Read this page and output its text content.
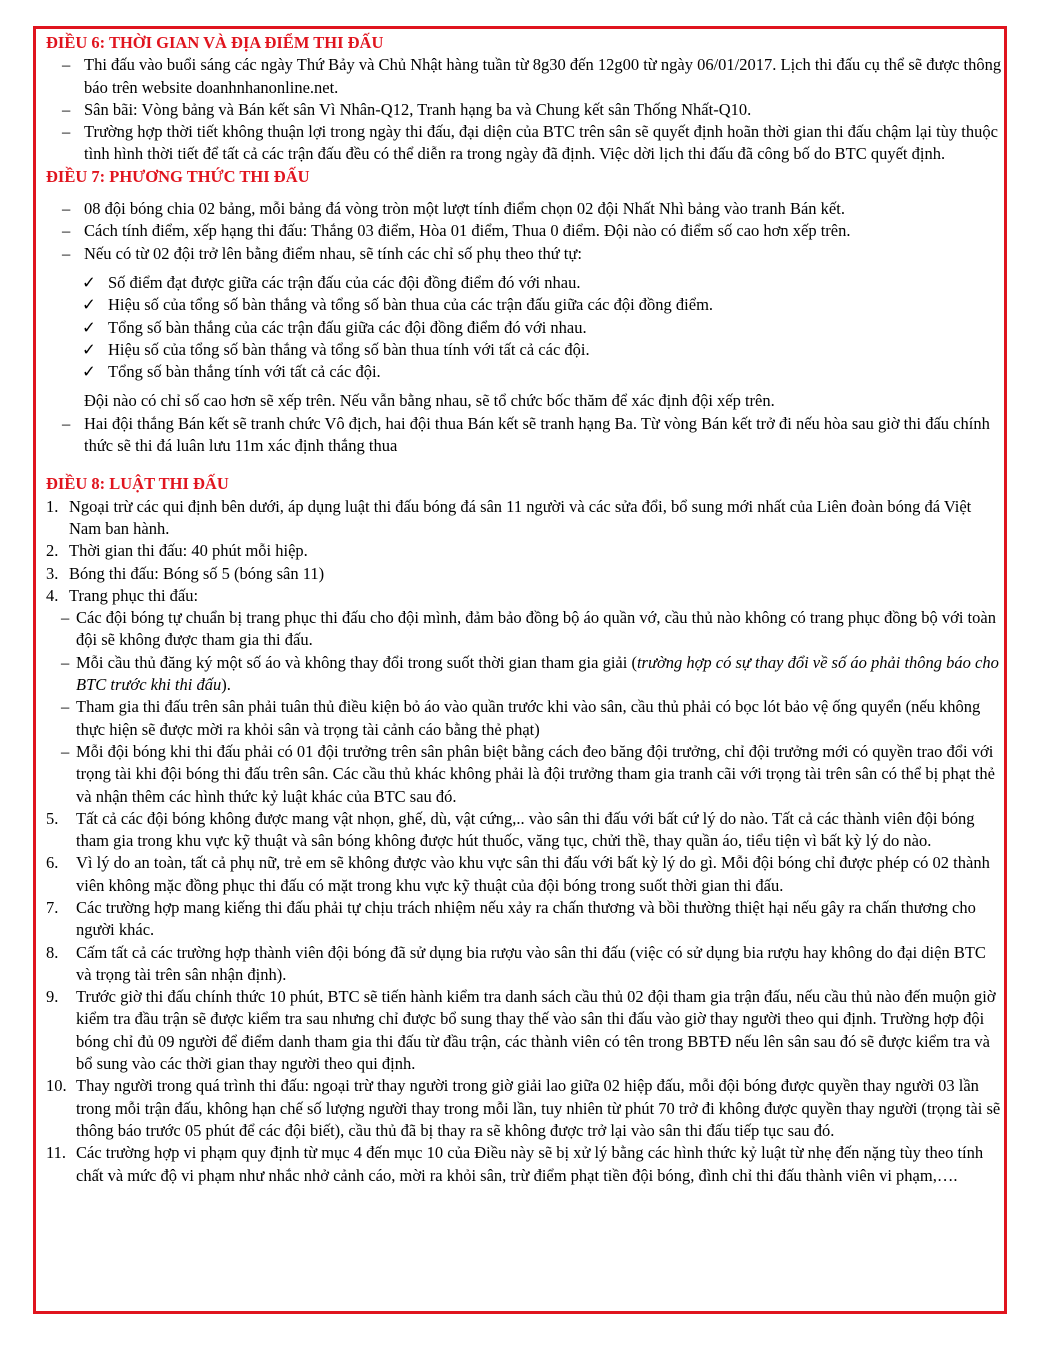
ĐIỀU 6: THỜI GIAN VÀ ĐỊA ĐIỂM THI ĐẤU

– Thi đấu vào buổi sáng các ngày Thứ Bảy và Chủ Nhật hàng tuần từ 8g30 đến 12g00 từ ngày 06/01/2017. Lịch thi đấu cụ thể sẽ được thông báo trên website doanhnhanonline.net.

– Sân bãi: Vòng bảng và Bán kết sân Vì Nhân-Q12, Tranh hạng ba và Chung kết sân Thống Nhất-Q10.

– Trường hợp thời tiết không thuận lợi trong ngày thi đấu, đại diện của BTC trên sân sẽ quyết định hoãn thời gian thi đấu chậm lại tùy thuộc tình hình thời tiết để tất cả các trận đấu đều có thể diễn ra trong ngày đã định. Việc dời lịch thi đấu đã công bố do BTC quyết định.

ĐIỀU 7: PHƯƠNG THỨC THI ĐẤU

– 08 đội bóng chia 02 bảng, mỗi bảng đá vòng tròn một lượt tính điểm chọn 02 đội Nhất Nhì bảng vào tranh Bán kết.

– Cách tính điểm, xếp hạng thi đấu: Thắng 03 điểm, Hòa 01 điểm, Thua 0 điểm. Đội nào có điểm số cao hơn xếp trên.

– Nếu có từ 02 đội trở lên bằng điểm nhau, sẽ tính các chỉ số phụ theo thứ tự:

✓ Số điểm đạt được giữa các trận đấu của các đội đồng điểm đó với nhau.

✓ Hiệu số của tổng số bàn thắng và tổng số bàn thua của các trận đấu giữa các đội đồng điểm.

✓ Tổng số bàn thắng của các trận đấu giữa các đội đồng điểm đó với nhau.

✓ Hiệu số của tổng số bàn thắng và tổng số bàn thua tính với tất cả các đội.

✓ Tổng số bàn thắng tính với tất cả các đội.

Đội nào có chỉ số cao hơn sẽ xếp trên. Nếu vẫn bằng nhau, sẽ tổ chức bốc thăm để xác định đội xếp trên.

– Hai đội thắng Bán kết sẽ tranh chức Vô địch, hai đội thua Bán kết sẽ tranh hạng Ba. Từ vòng Bán kết trở đi nếu hòa sau giờ thi đấu chính thức sẽ thi đá luân lưu 11m xác định thắng thua

ĐIỀU 8: LUẬT THI ĐẤU

1. Ngoại trừ các qui định bên dưới, áp dụng luật thi đấu bóng đá sân 11 người và các sửa đổi, bổ sung mới nhất của Liên đoàn bóng đá Việt Nam ban hành.

2. Thời gian thi đấu: 40 phút mỗi hiệp.

3. Bóng thi đấu: Bóng số 5 (bóng sân 11)

4. Trang phục thi đấu:

– Các đội bóng tự chuẩn bị trang phục thi đấu cho đội mình, đảm bảo đồng bộ áo quần vớ, cầu thủ nào không có trang phục đồng bộ với toàn đội sẽ không được tham gia thi đấu.

– Mỗi cầu thủ đăng ký một số áo và không thay đổi trong suốt thời gian tham gia giải (trường hợp có sự thay đổi về số áo phải thông báo cho BTC trước khi thi đấu).

– Tham gia thi đấu trên sân phải tuân thủ điều kiện bỏ áo vào quần trước khi vào sân, cầu thủ phải có bọc lót bảo vệ ống quyển (nếu không thực hiện sẽ được mời ra khỏi sân và trọng tài cảnh cáo bằng thẻ phạt)

– Mỗi đội bóng khi thi đấu phải có 01 đội trưởng trên sân phân biệt bằng cách đeo băng đội trưởng, chỉ đội trưởng mới có quyền trao đổi với trọng tài khi đội bóng thi đấu trên sân. Các cầu thủ khác không phải là đội trưởng tham gia tranh cãi với trọng tài trên sân có thể bị phạt thẻ và nhận thêm các hình thức kỷ luật khác của BTC sau đó.

5. Tất cả các đội bóng không được mang vật nhọn, ghế, dù, vật cứng,.. vào sân thi đấu với bất cứ lý do nào. Tất cả các thành viên đội bóng tham gia trong khu vực kỹ thuật và sân bóng không được hút thuốc, văng tục, chửi thề, thay quần áo, tiểu tiện vì bất kỳ lý do nào.

6. Vì lý do an toàn, tất cả phụ nữ, trẻ em sẽ không được vào khu vực sân thi đấu với bất kỳ lý do gì. Mỗi đội bóng chỉ được phép có 02 thành viên không mặc đồng phục thi đấu có mặt trong khu vực kỹ thuật của đội bóng trong suốt thời gian thi đấu.

7. Các trường hợp mang kiếng thi đấu phải tự chịu trách nhiệm nếu xảy ra chấn thương và bồi thường thiệt hại nếu gây ra chấn thương cho người khác.

8. Cấm tất cả các trường hợp thành viên đội bóng đã sử dụng bia rượu vào sân thi đấu (việc có sử dụng bia rượu hay không do đại diện BTC và trọng tài trên sân nhận định).

9. Trước giờ thi đấu chính thức 10 phút, BTC sẽ tiến hành kiểm tra danh sách cầu thủ 02 đội tham gia trận đấu, nếu cầu thủ nào đến muộn giờ kiểm tra đầu trận sẽ được kiểm tra sau nhưng chỉ được bổ sung thay thế vào sân thi đấu vào giờ thay người theo qui định. Trường hợp đội bóng chỉ đủ 09 người để điểm danh tham gia thi đấu từ đầu trận, các thành viên có tên trong BBTĐ nếu lên sân sau đó sẽ được kiểm tra và bổ sung vào các thời gian thay người theo qui định.

10. Thay người trong quá trình thi đấu: ngoại trừ thay người trong giờ giải lao giữa 02 hiệp đấu, mỗi đội bóng được quyền thay người 03 lần trong mỗi trận đấu, không hạn chế số lượng người thay trong mỗi lần, tuy nhiên từ phút 70 trở đi không được quyền thay người (trọng tài sẽ thông báo trước 05 phút để các đội biết), cầu thủ đã bị thay ra sẽ không được trở lại vào sân thi đấu tiếp tục sau đó.

11. Các trường hợp vi phạm quy định từ mục 4 đến mục 10 của Điều này sẽ bị xử lý bằng các hình thức kỷ luật từ nhẹ đến nặng tùy theo tính chất và mức độ vi phạm như nhắc nhở cảnh cáo, mời ra khỏi sân, trừ điểm phạt tiền đội bóng, đình chỉ thi đấu thành viên vi phạm,….
